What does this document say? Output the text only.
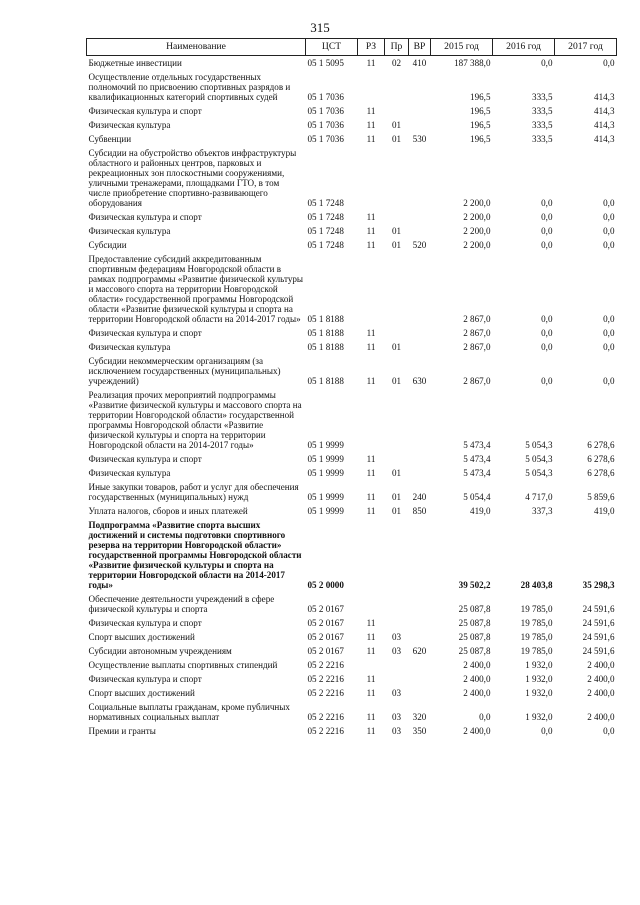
315
Наименование	ЦСТ	РЗ	Пр	ВР	2015 год	2016 год	2017 год
Бюджетные инвестиции	05 1 5095	11	02	410	187 388,0	0,0	0,0
Осуществление отдельных государственных полномочий по присвоению спортивных разрядов и квалификационных категорий спортивных судей	05 1 7036				196,5	333,5	414,3
Физическая культура и спорт	05 1 7036	11			196,5	333,5	414,3
Физическая культура	05 1 7036	11	01		196,5	333,5	414,3
Субвенции	05 1 7036	11	01	530	196,5	333,5	414,3
Субсидии на обустройство объектов инфраструктуры областного и районных центров, парковых и рекреационных зон плоскостными сооружениями, уличными тренажерами, площадками ГТО, в том числе приобретение спортивно-развивающего оборудования	05 1 7248				2 200,0	0,0	0,0
Физическая культура и спорт	05 1 7248	11			2 200,0	0,0	0,0
Физическая культура	05 1 7248	11	01		2 200,0	0,0	0,0
Субсидии	05 1 7248	11	01	520	2 200,0	0,0	0,0
Предоставление субсидий аккредитованным спортивным федерациям Новгородской области в рамках подпрограммы «Развитие физической культуры и массового спорта на территории Новгородской области» государственной программы Новгородской области «Развитие физической культуры и спорта на территории Новгородской области на 2014-2017 годы»	05 1 8188				2 867,0	0,0	0,0
Физическая культура и спорт	05 1 8188	11			2 867,0	0,0	0,0
Физическая культура	05 1 8188	11	01		2 867,0	0,0	0,0
Субсидии некоммерческим организациям (за исключением государственных (муниципальных) учреждений)	05 1 8188	11	01	630	2 867,0	0,0	0,0
Реализация прочих мероприятий подпрограммы «Развитие физической культуры и массового спорта на территории Новгородской области» государственной программы Новгородской области «Развитие физической культуры и спорта на территории Новгородской области на 2014-2017 годы»	05 1 9999				5 473,4	5 054,3	6 278,6
Физическая культура и спорт	05 1 9999	11			5 473,4	5 054,3	6 278,6
Физическая культура	05 1 9999	11	01		5 473,4	5 054,3	6 278,6
Иные закупки товаров, работ и услуг для обеспечения государственных (муниципальных) нужд	05 1 9999	11	01	240	5 054,4	4 717,0	5 859,6
Уплата налогов, сборов и иных платежей	05 1 9999	11	01	850	419,0	337,3	419,0
Подпрограмма «Развитие спорта высших достижений и системы подготовки спортивного резерва на территории Новгородской области» государственной программы Новгородской области «Развитие физической культуры и спорта на территории Новгородской области на 2014-2017 годы»	05 2 0000				39 502,2	28 403,8	35 298,3
Обеспечение деятельности учреждений в сфере физической культуры и спорта	05 2 0167				25 087,8	19 785,0	24 591,6
Физическая культура и спорт	05 2 0167	11			25 087,8	19 785,0	24 591,6
Спорт высших достижений	05 2 0167	11	03		25 087,8	19 785,0	24 591,6
Субсидии автономным учреждениям	05 2 0167	11	03	620	25 087,8	19 785,0	24 591,6
Осуществление выплаты спортивных стипендий	05 2 2216				2 400,0	1 932,0	2 400,0
Физическая культура и спорт	05 2 2216	11			2 400,0	1 932,0	2 400,0
Спорт высших достижений	05 2 2216	11	03		2 400,0	1 932,0	2 400,0
Социальные выплаты гражданам, кроме публичных нормативных социальных выплат	05 2 2216	11	03	320	0,0	1 932,0	2 400,0
Премии и гранты	05 2 2216	11	03	350	2 400,0	0,0	0,0
